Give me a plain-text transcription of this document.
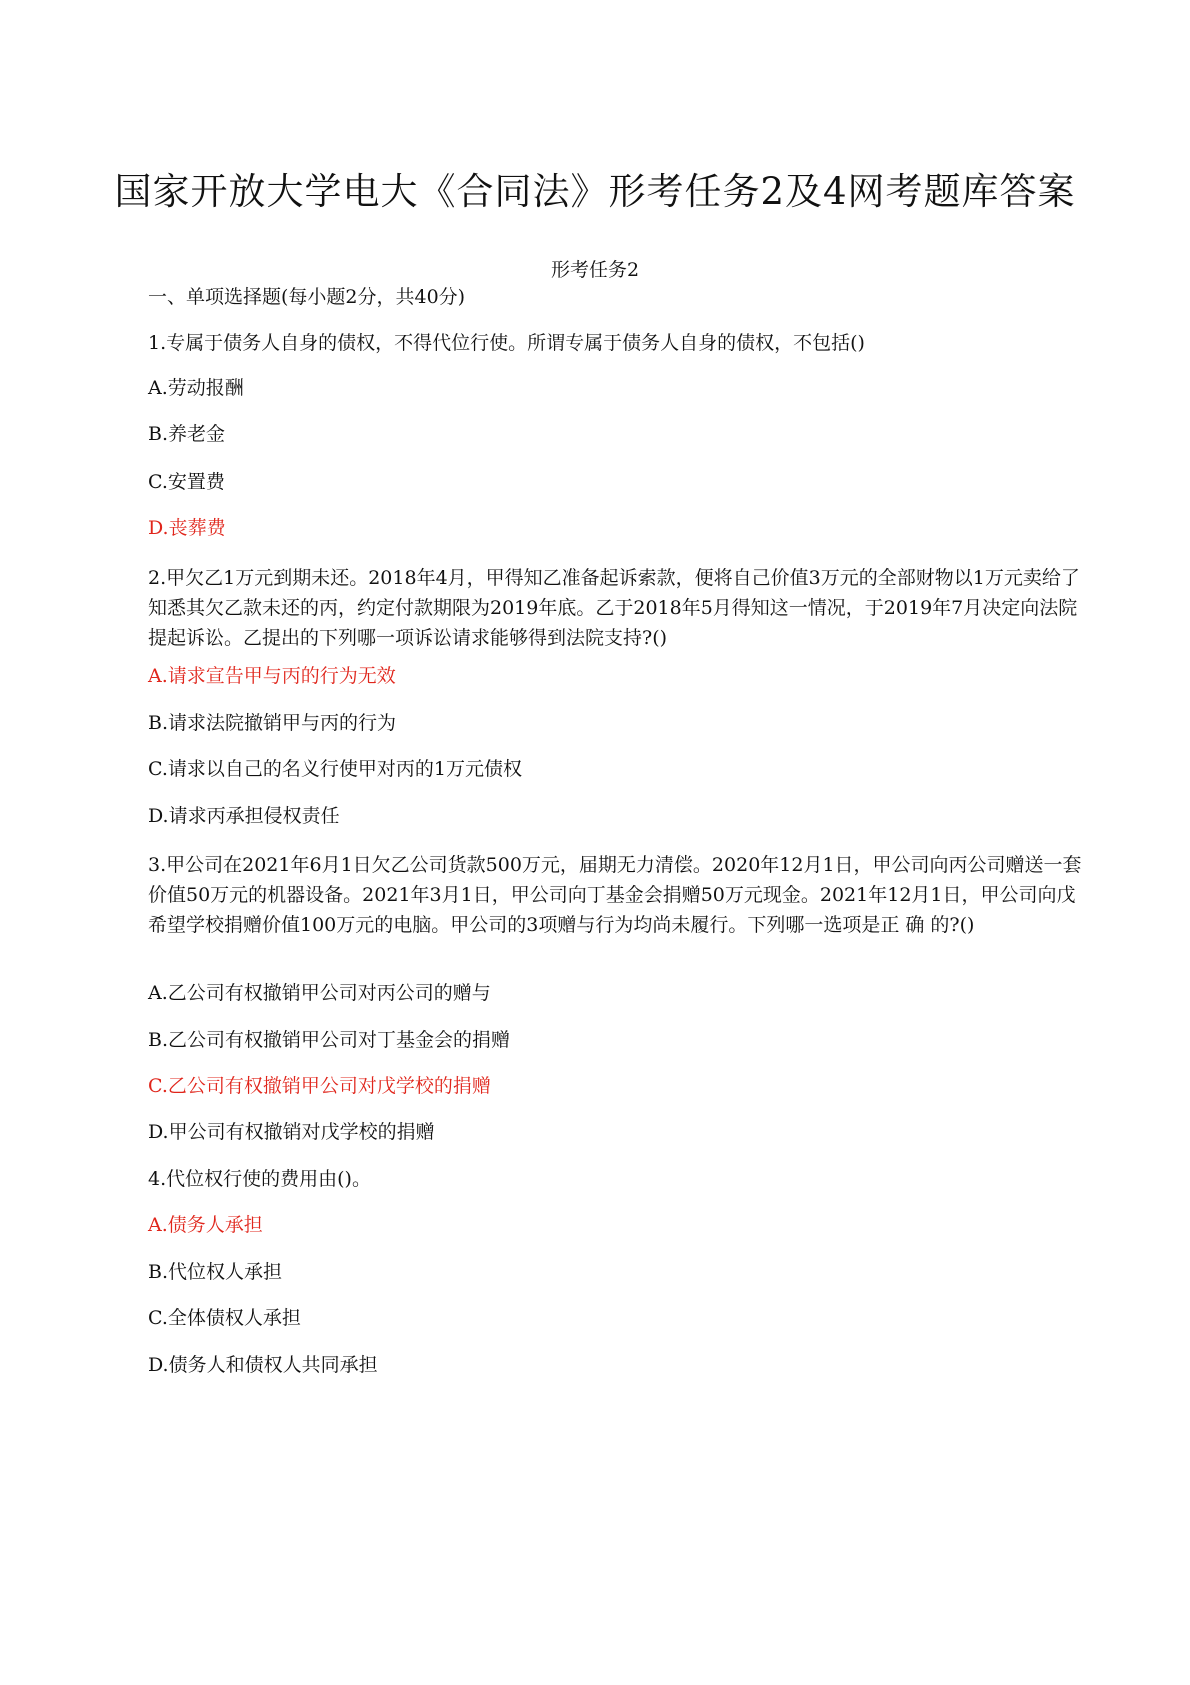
国家开放大学电大《合同法》形考任务2及4网考题库答案
形考任务2
一、单项选择题(每小题2分，共40分)
1.专属于债务人自身的债权，不得代位行使。所谓专属于债务人自身的债权，不包括()
A.劳动报酬
B.养老金
C.安置费
D.丧葬费
2.甲欠乙1万元到期未还。2018年4月，甲得知乙准备起诉索款，便将自己价值3万元的全部财物以1万元卖给了知悉其欠乙款未还的丙，约定付款期限为2019年底。乙于2018年5月得知这一情况，于2019年7月决定向法院提起诉讼。乙提出的下列哪一项诉讼请求能够得到法院支持?()
A.请求宣告甲与丙的行为无效
B.请求法院撤销甲与丙的行为
C.请求以自己的名义行使甲对丙的1万元债权
D.请求丙承担侵权责任
3.甲公司在2021年6月1日欠乙公司货款500万元，届期无力清偿。2020年12月1日，甲公司向丙公司赠送一套价值50万元的机器设备。2021年3月1日，甲公司向丁基金会捐赠50万元现金。2021年12月1日，甲公司向戊希望学校捐赠价值100万元的电脑。甲公司的3项赠与行为均尚未履行。下列哪一选项是正 确 的?()
A.乙公司有权撤销甲公司对丙公司的赠与
B.乙公司有权撤销甲公司对丁基金会的捐赠
C.乙公司有权撤销甲公司对戊学校的捐赠
D.甲公司有权撤销对戊学校的捐赠
4.代位权行使的费用由()。
A.债务人承担
B.代位权人承担
C.全体债权人承担
D.债务人和债权人共同承担
